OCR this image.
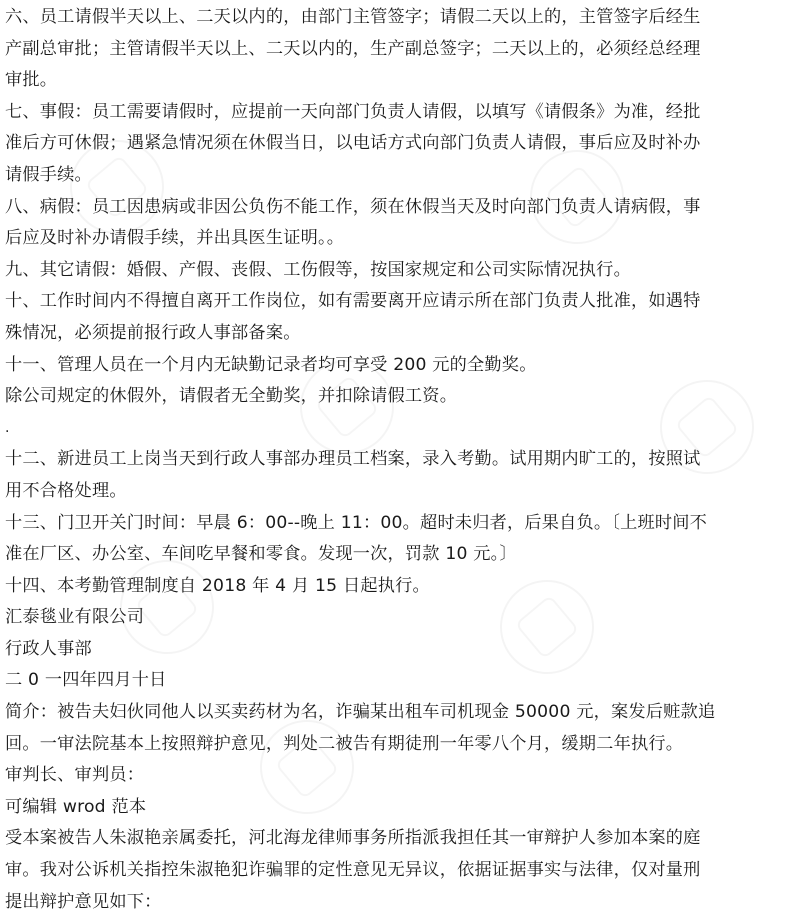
六、员工请假半天以上、二天以内的，由部门主管签字；请假二天以上的，主管签字后经生
产副总审批；主管请假半天以上、二天以内的，生产副总签字；二天以上的，必须经总经理
审批。
七、事假：员工需要请假时，应提前一天向部门负责人请假，以填写《请假条》为准，经批
准后方可休假；遇紧急情况须在休假当日，以电话方式向部门负责人请假，事后应及时补办
请假手续。
八、病假：员工因患病或非因公负伤不能工作，须在休假当天及时向部门负责人请病假，事
后应及时补办请假手续，并出具医生证明。。
九、其它请假：婚假、产假、丧假、工伤假等，按国家规定和公司实际情况执行。
十、工作时间内不得擅自离开工作岗位，如有需要离开应请示所在部门负责人批准，如遇特
殊情况，必须提前报行政人事部备案。
十一、管理人员在一个月内无缺勤记录者均可享受 200 元的全勤奖。
除公司规定的休假外，请假者无全勤奖，并扣除请假工资。
.
十二、新进员工上岗当天到行政人事部办理员工档案，录入考勤。试用期内旷工的，按照试
用不合格处理。
十三、门卫开关门时间：早晨 6：00--晚上 11：00。超时未归者，后果自负。〔上班时间不
准在厂区、办公室、车间吃早餐和零食。发现一次，罚款 10 元。〕
十四、本考勤管理制度自 2018 年 4 月 15 日起执行。
汇泰毯业有限公司
行政人事部
二 0 一四年四月十日
简介：被告夫妇伙同他人以买卖药材为名，诈骗某出租车司机现金 50000 元，案发后赃款追
回。一审法院基本上按照辩护意见，判处二被告有期徒刑一年零八个月，缓期二年执行。
审判长、审判员：
可编辑 wrod 范本
受本案被告人朱淑艳亲属委托，河北海龙律师事务所指派我担任其一审辩护人参加本案的庭
审。我对公诉机关指控朱淑艳犯诈骗罪的定性意见无异议，依据证据事实与法律，仅对量刑
提出辩护意见如下：
